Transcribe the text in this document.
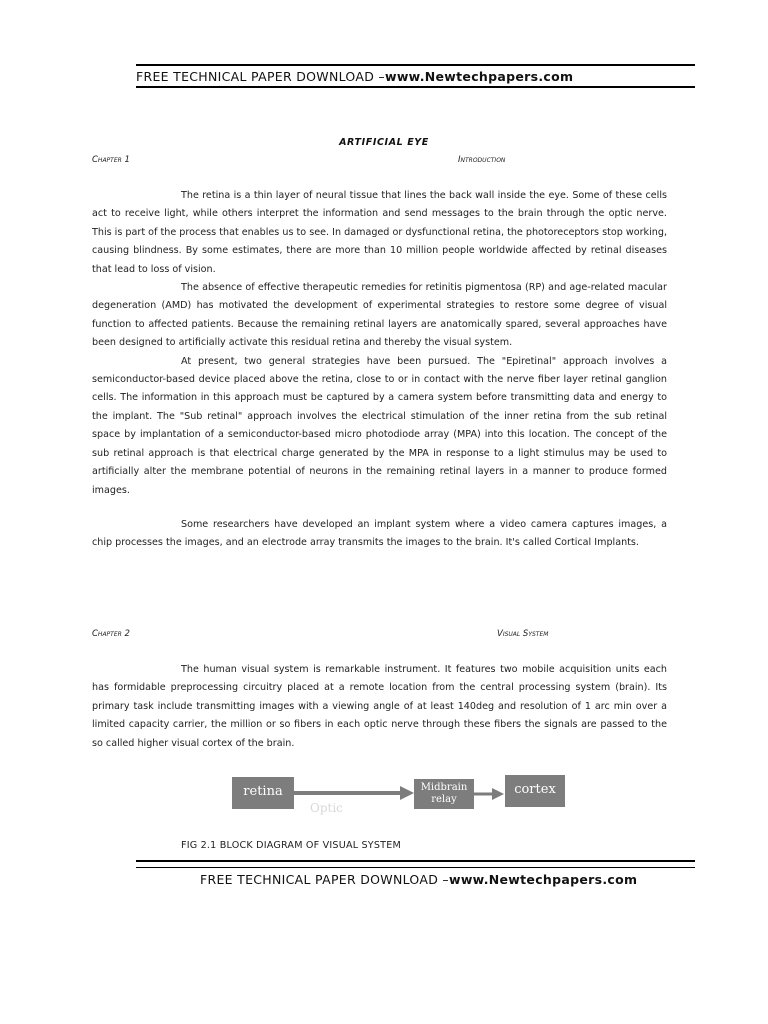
FREE TECHNICAL PAPER DOWNLOAD –www.Newtechpapers.com
ARTIFICIAL EYE
Chapter 1	Introduction

The retina is a thin layer of neural tissue that lines the back wall inside the eye. Some of these cells act to receive light, while others interpret the information and send messages to the brain through the optic nerve. This is part of the process that enables us to see. In damaged or dysfunctional retina, the photoreceptors stop working, causing blindness. By some estimates, there are more than 10 million people worldwide affected by retinal diseases that lead to loss of vision.

The absence of effective therapeutic remedies for retinitis pigmentosa (RP) and age-related macular degeneration (AMD) has motivated the development of experimental strategies to restore some degree of visual function to affected patients. Because the remaining retinal layers are anatomically spared, several approaches have been designed to artificially activate this residual retina and thereby the visual system.

At present, two general strategies have been pursued. The "Epiretinal" approach involves a semiconductor-based device placed above the retina, close to or in contact with the nerve fiber layer retinal ganglion cells. The information in this approach must be captured by a camera system before transmitting data and energy to the implant. The "Sub retinal" approach involves the electrical stimulation of the inner retina from the sub retinal space by implantation of a semiconductor-based micro photodiode array (MPA) into this location. The concept of the sub retinal approach is that electrical charge generated by the MPA in response to a light stimulus may be used to artificially alter the membrane potential of neurons in the remaining retinal layers in a manner to produce formed images.

Some researchers have developed an implant system where a video camera captures images, a chip processes the images, and an electrode array transmits the images to the brain. It's called Cortical Implants.

Chapter 2	Visual System

The human visual system is remarkable instrument. It features two mobile acquisition units each has formidable preprocessing circuitry placed at a remote location from the central processing system (brain). Its primary task include transmitting images with a viewing angle of at least 140deg and resolution of 1 arc min over a limited capacity carrier, the million or so fibers in each optic nerve through these fibers the signals are passed to the so called higher visual cortex of the brain.

retina
Optic
Midbrain
relay
cortex
FIG 2.1 BLOCK DIAGRAM OF VISUAL SYSTEM
FREE TECHNICAL PAPER DOWNLOAD –www.Newtechpapers.com
